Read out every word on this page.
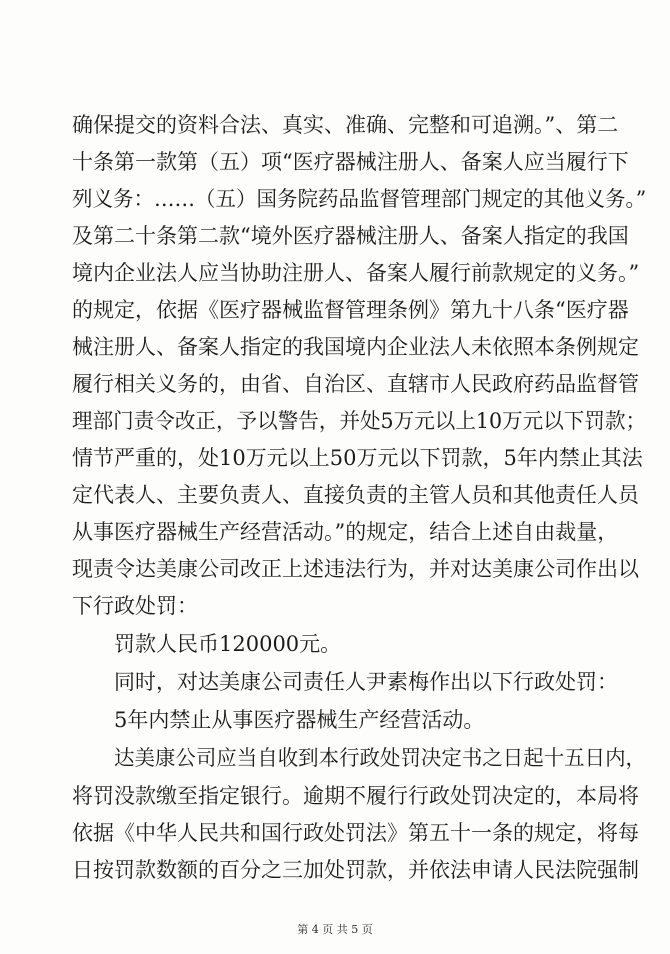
确保提交的资料合法、真实、准确、完整和可追溯。”、第二

十条第一款第（五）项“医疗器械注册人、备案人应当履行下

列义务：……（五）国务院药品监督管理部门规定的其他义务。”

及第二十条第二款“境外医疗器械注册人、备案人指定的我国

境内企业法人应当协助注册人、备案人履行前款规定的义务。”

的规定，依据《医疗器械监督管理条例》第九十八条“医疗器

械注册人、备案人指定的我国境内企业法人未依照本条例规定

履行相关义务的，由省、自治区、直辖市人民政府药品监督管

理部门责令改正，予以警告，并处5万元以上10万元以下罚款；

情节严重的，处10万元以上50万元以下罚款，5年内禁止其法

定代表人、主要负责人、直接负责的主管人员和其他责任人员

从事医疗器械生产经营活动。”的规定，结合上述自由裁量，

现责令达美康公司改正上述违法行为，并对达美康公司作出以

下行政处罚：

罚款人民币120000元。

同时，对达美康公司责任人尹素梅作出以下行政处罚：

5年内禁止从事医疗器械生产经营活动。

达美康公司应当自收到本行政处罚决定书之日起十五日内，

将罚没款缴至指定银行。逾期不履行行政处罚决定的，本局将

依据《中华人民共和国行政处罚法》第五十一条的规定，将每

日按罚款数额的百分之三加处罚款，并依法申请人民法院强制

第 4 页 共 5 页
